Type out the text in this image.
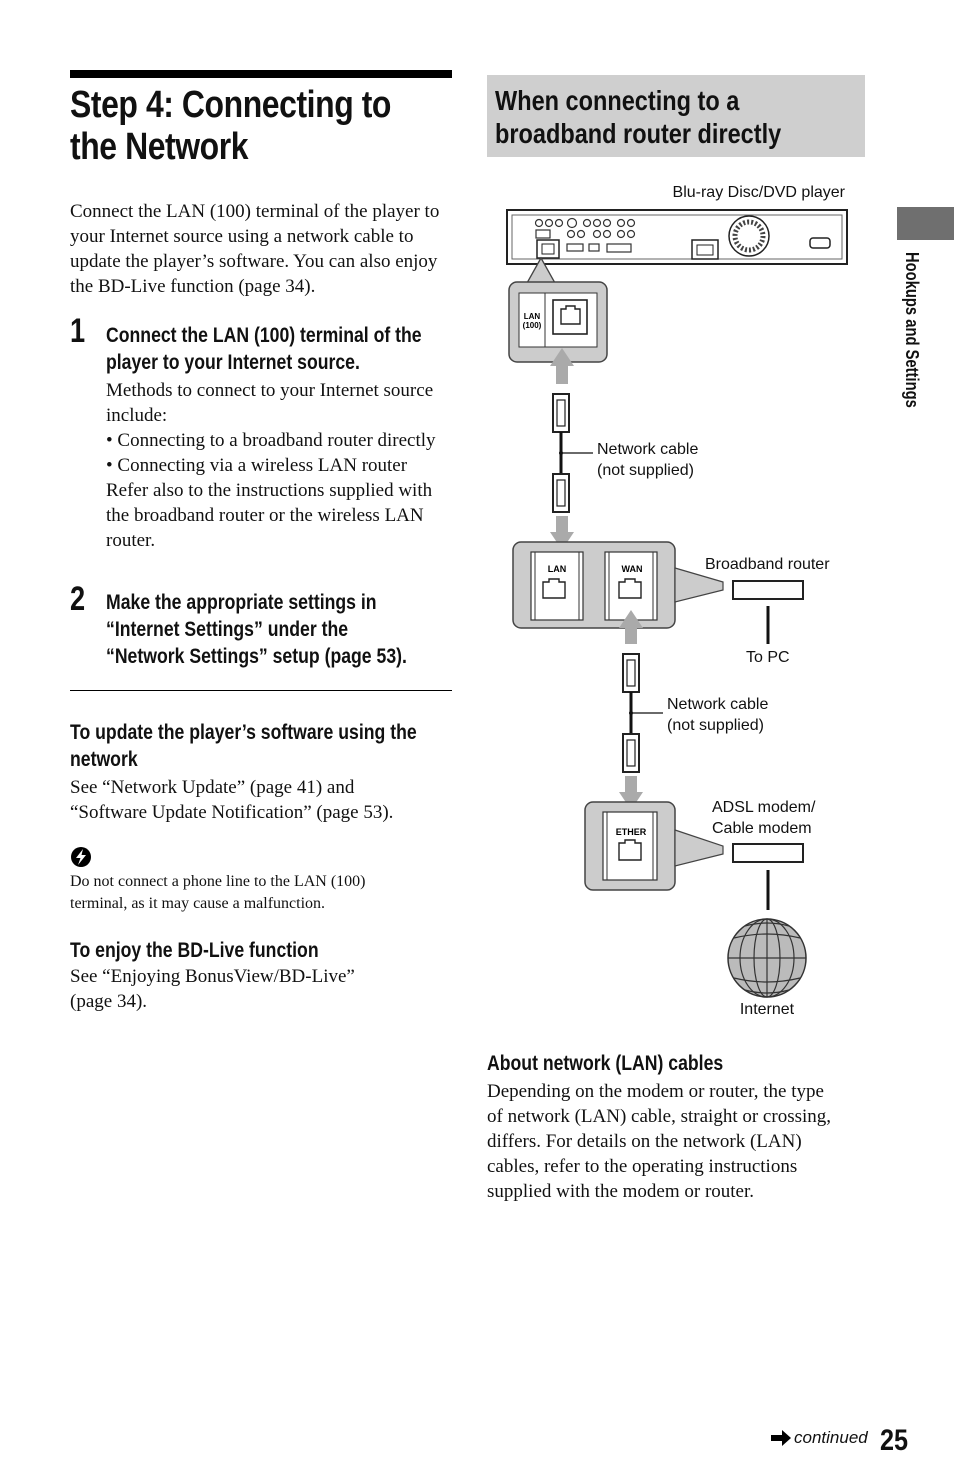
Step 4: Connecting to
the Network

Connect the LAN (100) terminal of the player to your Internet source using a network cable to update the player’s software. You can also enjoy the BD-Live function (page 34).

1 Connect the LAN (100) terminal of the
player to your Internet source.

Methods to connect to your Internet source include:

• Connecting to a broadband router directly

• Connecting via a wireless LAN router

Refer also to the instructions supplied with the broadband router or the wireless LAN router.

2 Make the appropriate settings in
“Internet Settings” under the
“Network Settings” setup (page 53).
To update the player’s software using the
network

See “Network Update” (page 41) and
“Software Update Notification” (page 53).

Do not connect a phone line to the LAN (100)
terminal, as it may cause a malfunction.

To enjoy the BD-Live function

See “Enjoying BonusView/BD-Live”
(page 34).

When connecting to a
broadband router directly
Blu-ray Disc/DVD player
LAN
(100)
Network cable
(not supplied)
LAN	WAN	Broadband router
To PC
Network cable
(not supplied)
ETHER
ADSL modem/
Cable modem
Internet
About network (LAN) cables

Depending on the modem or router, the type
of network (LAN) cable, straight or crossing,
differs. For details on the network (LAN)
cables, refer to the operating instructions
supplied with the modem or router.

Hookups and Settings
continued 25
